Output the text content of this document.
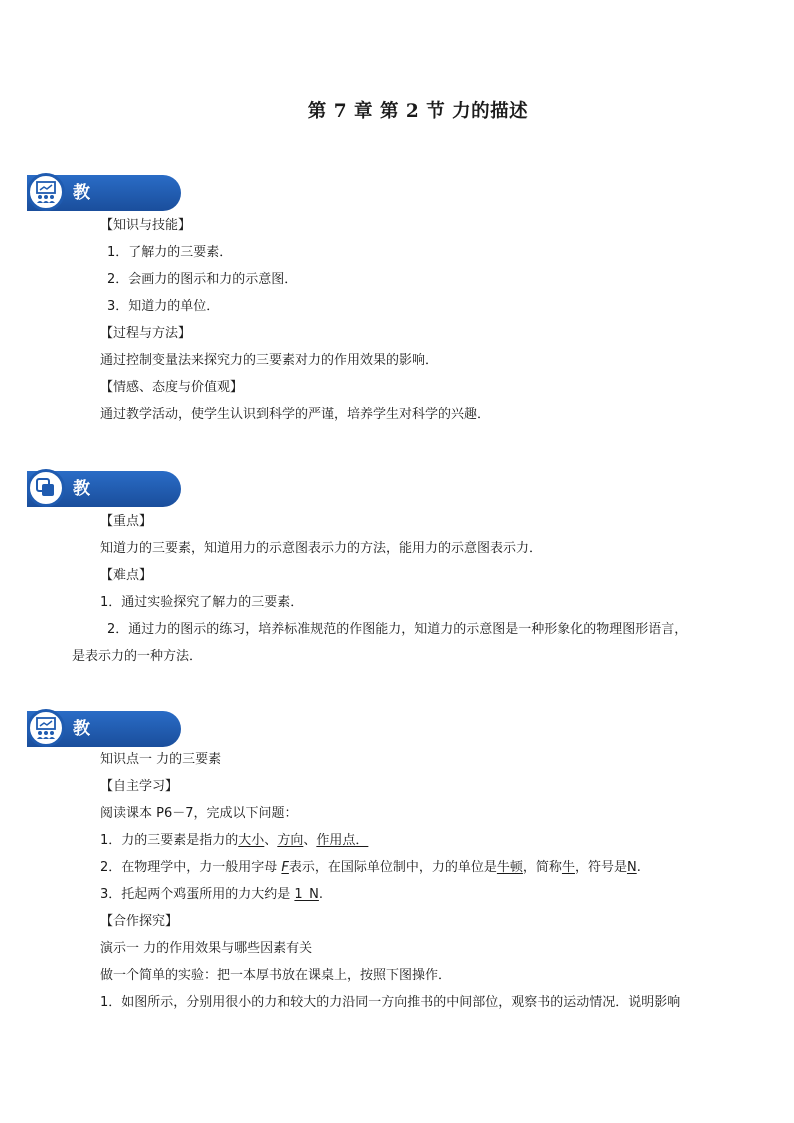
第 7 章 第 2 节 力的描述
教学过程
【知识与技能】
1．了解力的三要素．
2．会画力的图示和力的示意图．
3．知道力的单位．
【过程与方法】
通过控制变量法来探究力的三要素对力的作用效果的影响．
【情感、态度与价值观】
通过教学活动，使学生认识到科学的严谨，培养学生对科学的兴趣．
教学重难点
【重点】
知道力的三要素，知道用力的示意图表示力的方法，能用力的示意图表示力．
【难点】
1．通过实验探究了解力的三要素．
2．通过力的图示的练习，培养标准规范的作图能力，知道力的示意图是一种形象化的物理图形语言，
是表示力的一种方法．
教学过程
知识点一 力的三要素
【自主学习】
阅读课本 P6－7，完成以下问题：
1．力的三要素是指力的大小、方向、作用点．
2．在物理学中，力一般用字母 F表示，在国际单位制中，力的单位是牛顿，简称牛，符号是N.
3．托起两个鸡蛋所用的力大约是 1_N.
【合作探究】
演示一 力的作用效果与哪些因素有关
做一个简单的实验：把一本厚书放在课桌上，按照下图操作．
1．如图所示，分别用很小的力和较大的力沿同一方向推书的中间部位，观察书的运动情况．说明影响
